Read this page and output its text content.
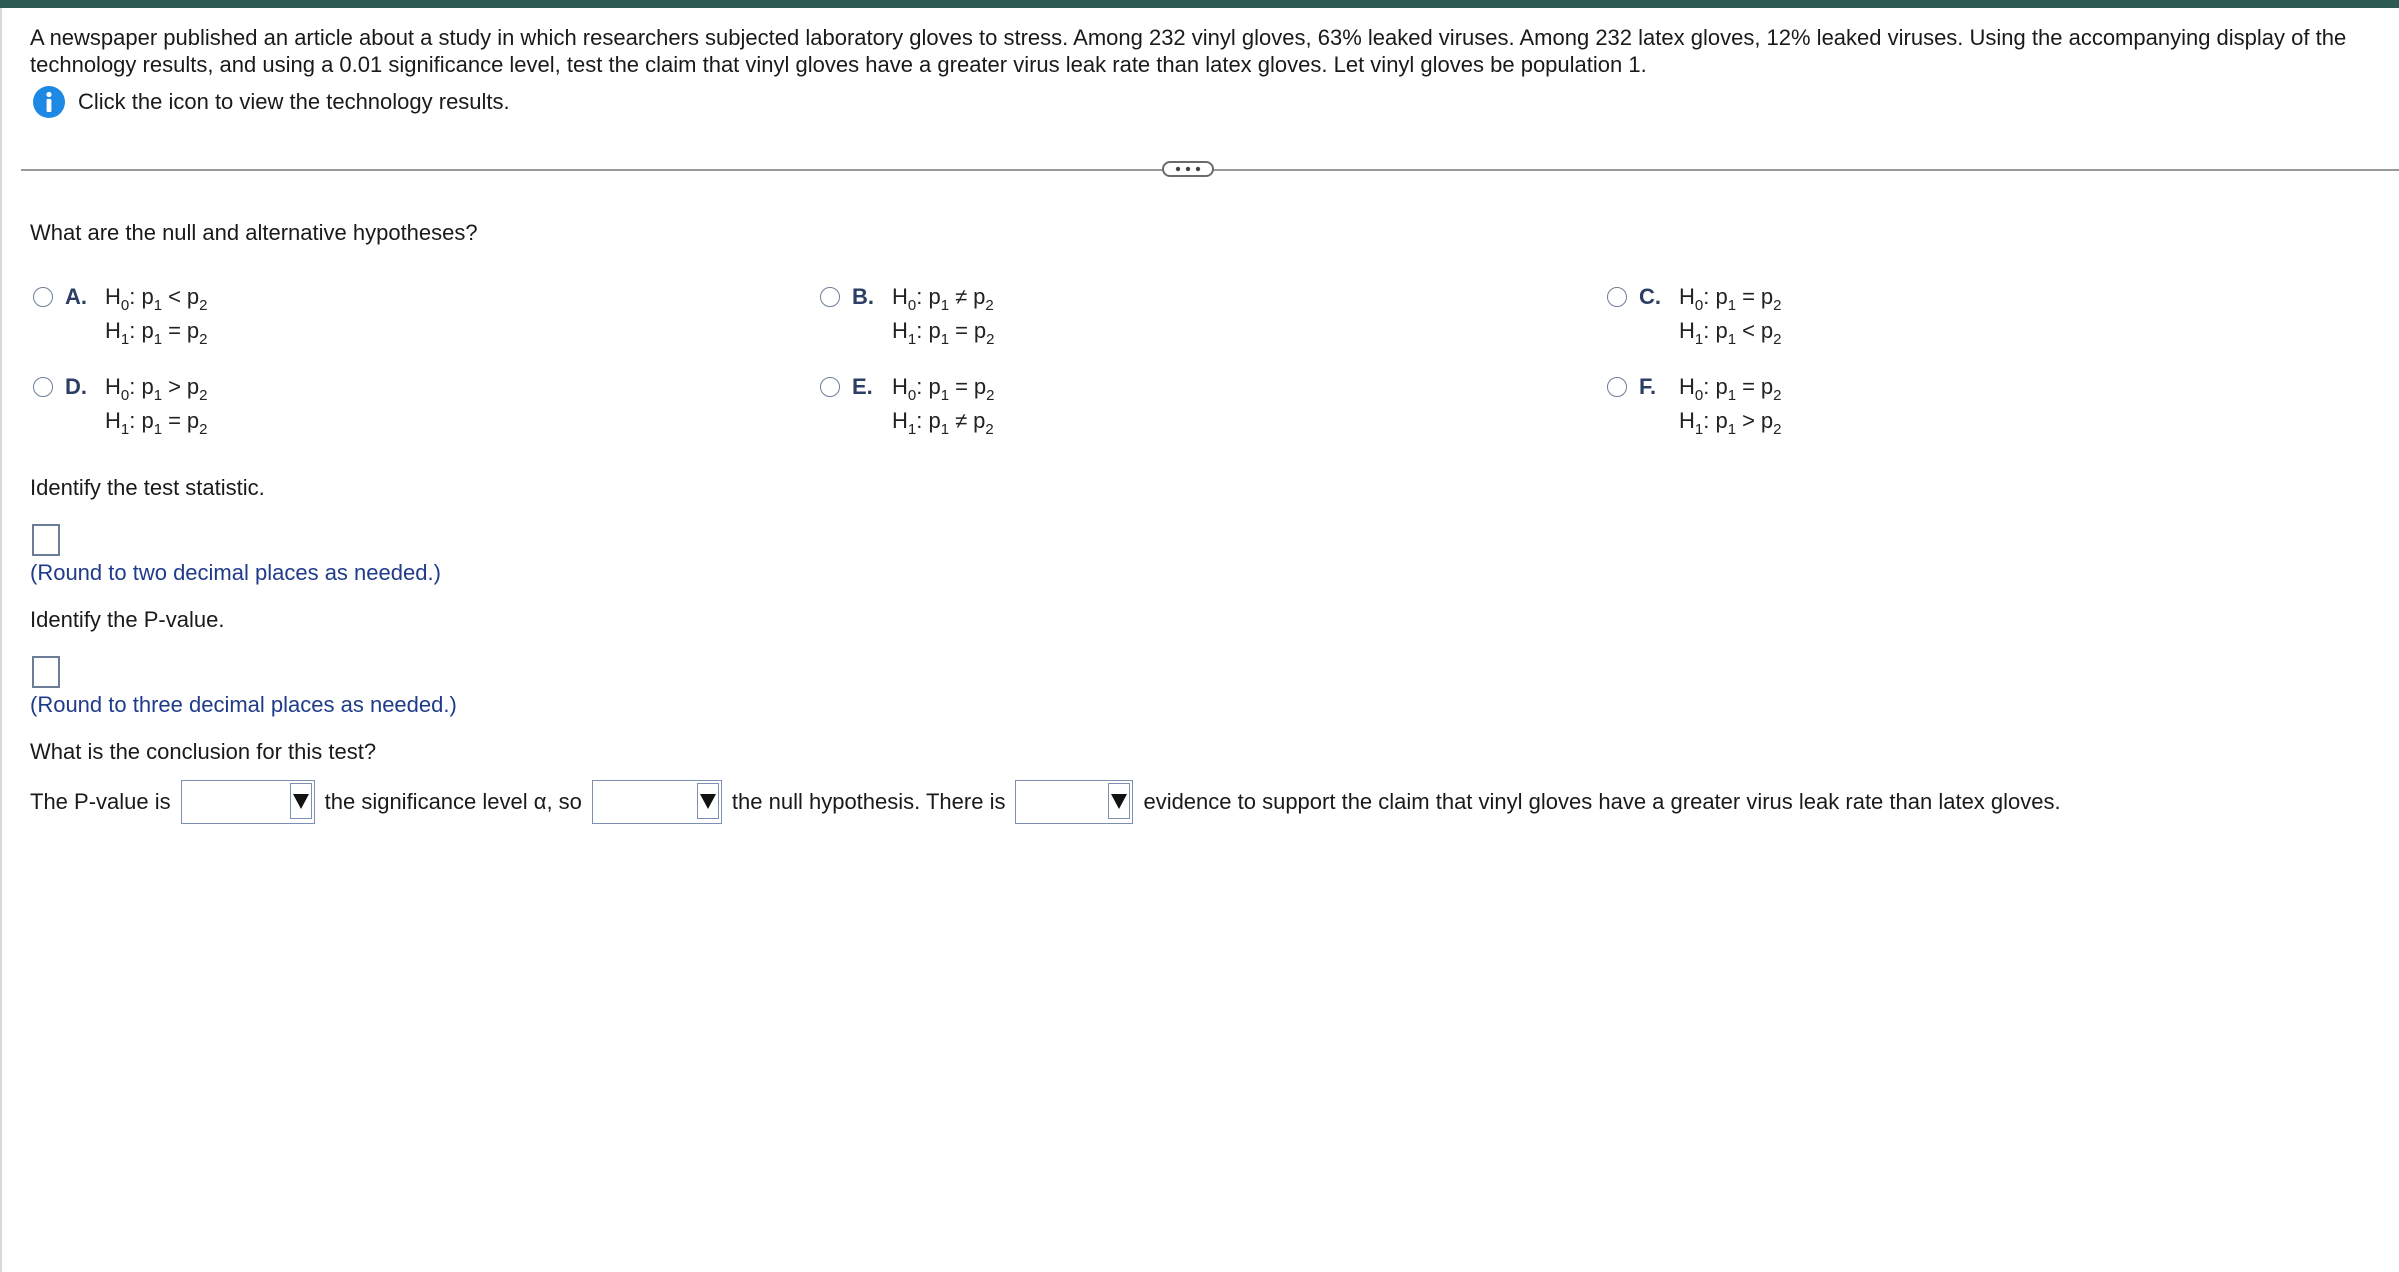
A newspaper published an article about a study in which researchers subjected laboratory gloves to stress. Among 232 vinyl gloves, 63% leaked viruses. Among 232 latex gloves, 12% leaked viruses. Using the accompanying display of the technology results, and using a 0.01 significance level, test the claim that vinyl gloves have a greater virus leak rate than latex gloves. Let vinyl gloves be population 1.
Click the icon to view the technology results.
What are the null and alternative hypotheses?
A. $H_0$: $p_1 < p_2$
$H_1$: $p_1 = p_2$
B. $H_0$: $p_1 \ne p_2$
$H_1$: $p_1 = p_2$
C. $H_0$: $p_1 = p_2$
$H_1$: $p_1 < p_2$
D. $H_0$: $p_1 > p_2$
$H_1$: $p_1 = p_2$
E. $H_0$: $p_1 = p_2$
$H_1$: $p_1 \ne p_2$
F.	$H_0$: $p_1 = p_2$
$H_1$: $p_1 > p_2$
Identify the test statistic.
(Round to two decimal places as needed.)
Identify the P-value.
(Round to three decimal places as needed.)
What is the conclusion for this test?
The P-value is	the significance level α, so	the null hypothesis. There is	evidence to support the claim that vinyl gloves have a greater virus leak rate than latex gloves.
